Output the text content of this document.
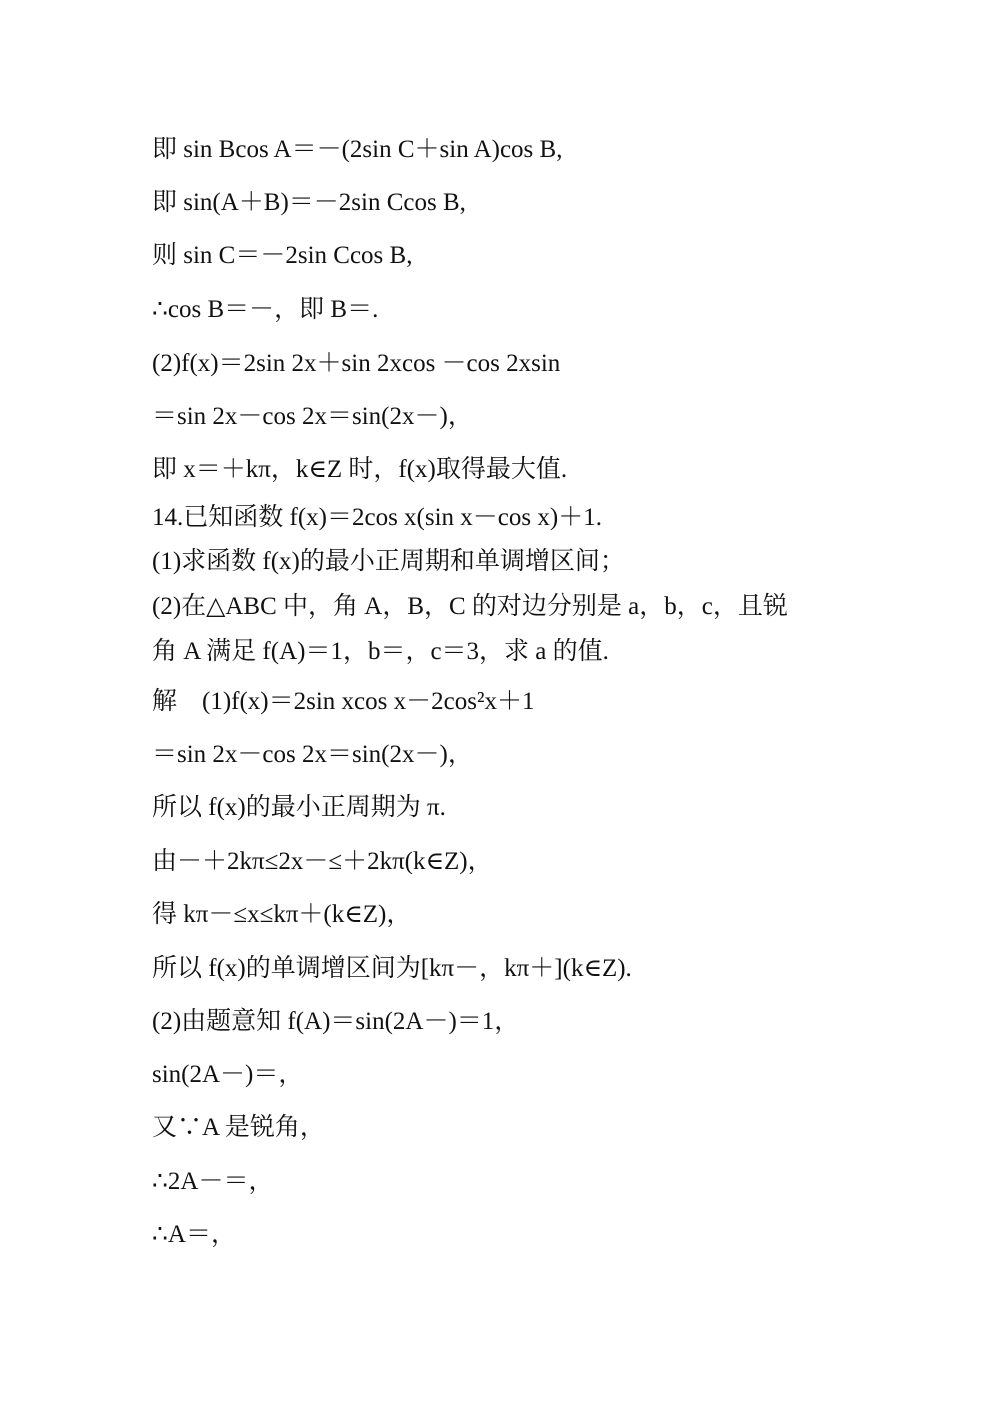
即 sin Bcos A＝－(2sin C＋sin A)cos B,
即 sin(A＋B)＝－2sin Ccos B,
则 sin C＝－2sin Ccos B,
∴cos B＝－，即 B＝.
(2)f(x)＝2sin 2x＋sin 2xcos －cos 2xsin
＝sin 2x－cos 2x＝sin(2x－)，
即 x＝＋kπ，k∈Z 时，f(x)取得最大值.
14.已知函数 f(x)＝2cos x(sin x－cos x)＋1.
(1)求函数 f(x)的最小正周期和单调增区间；
(2)在△ABC 中，角 A，B，C 的对边分别是 a，b，c，且锐
角 A 满足 f(A)＝1，b＝，c＝3，求 a 的值.
解　(1)f(x)＝2sin xcos x－2cos²x＋1
＝sin 2x－cos 2x＝sin(2x－)，
所以 f(x)的最小正周期为 π.
由－＋2kπ≤2x－≤＋2kπ(k∈Z)，
得 kπ－≤x≤kπ＋(k∈Z)，
所以 f(x)的单调增区间为[kπ－，kπ＋](k∈Z).
(2)由题意知 f(A)＝sin(2A－)＝1，
sin(2A－)＝，
又∵A 是锐角，
∴2A－＝，
∴A＝，
